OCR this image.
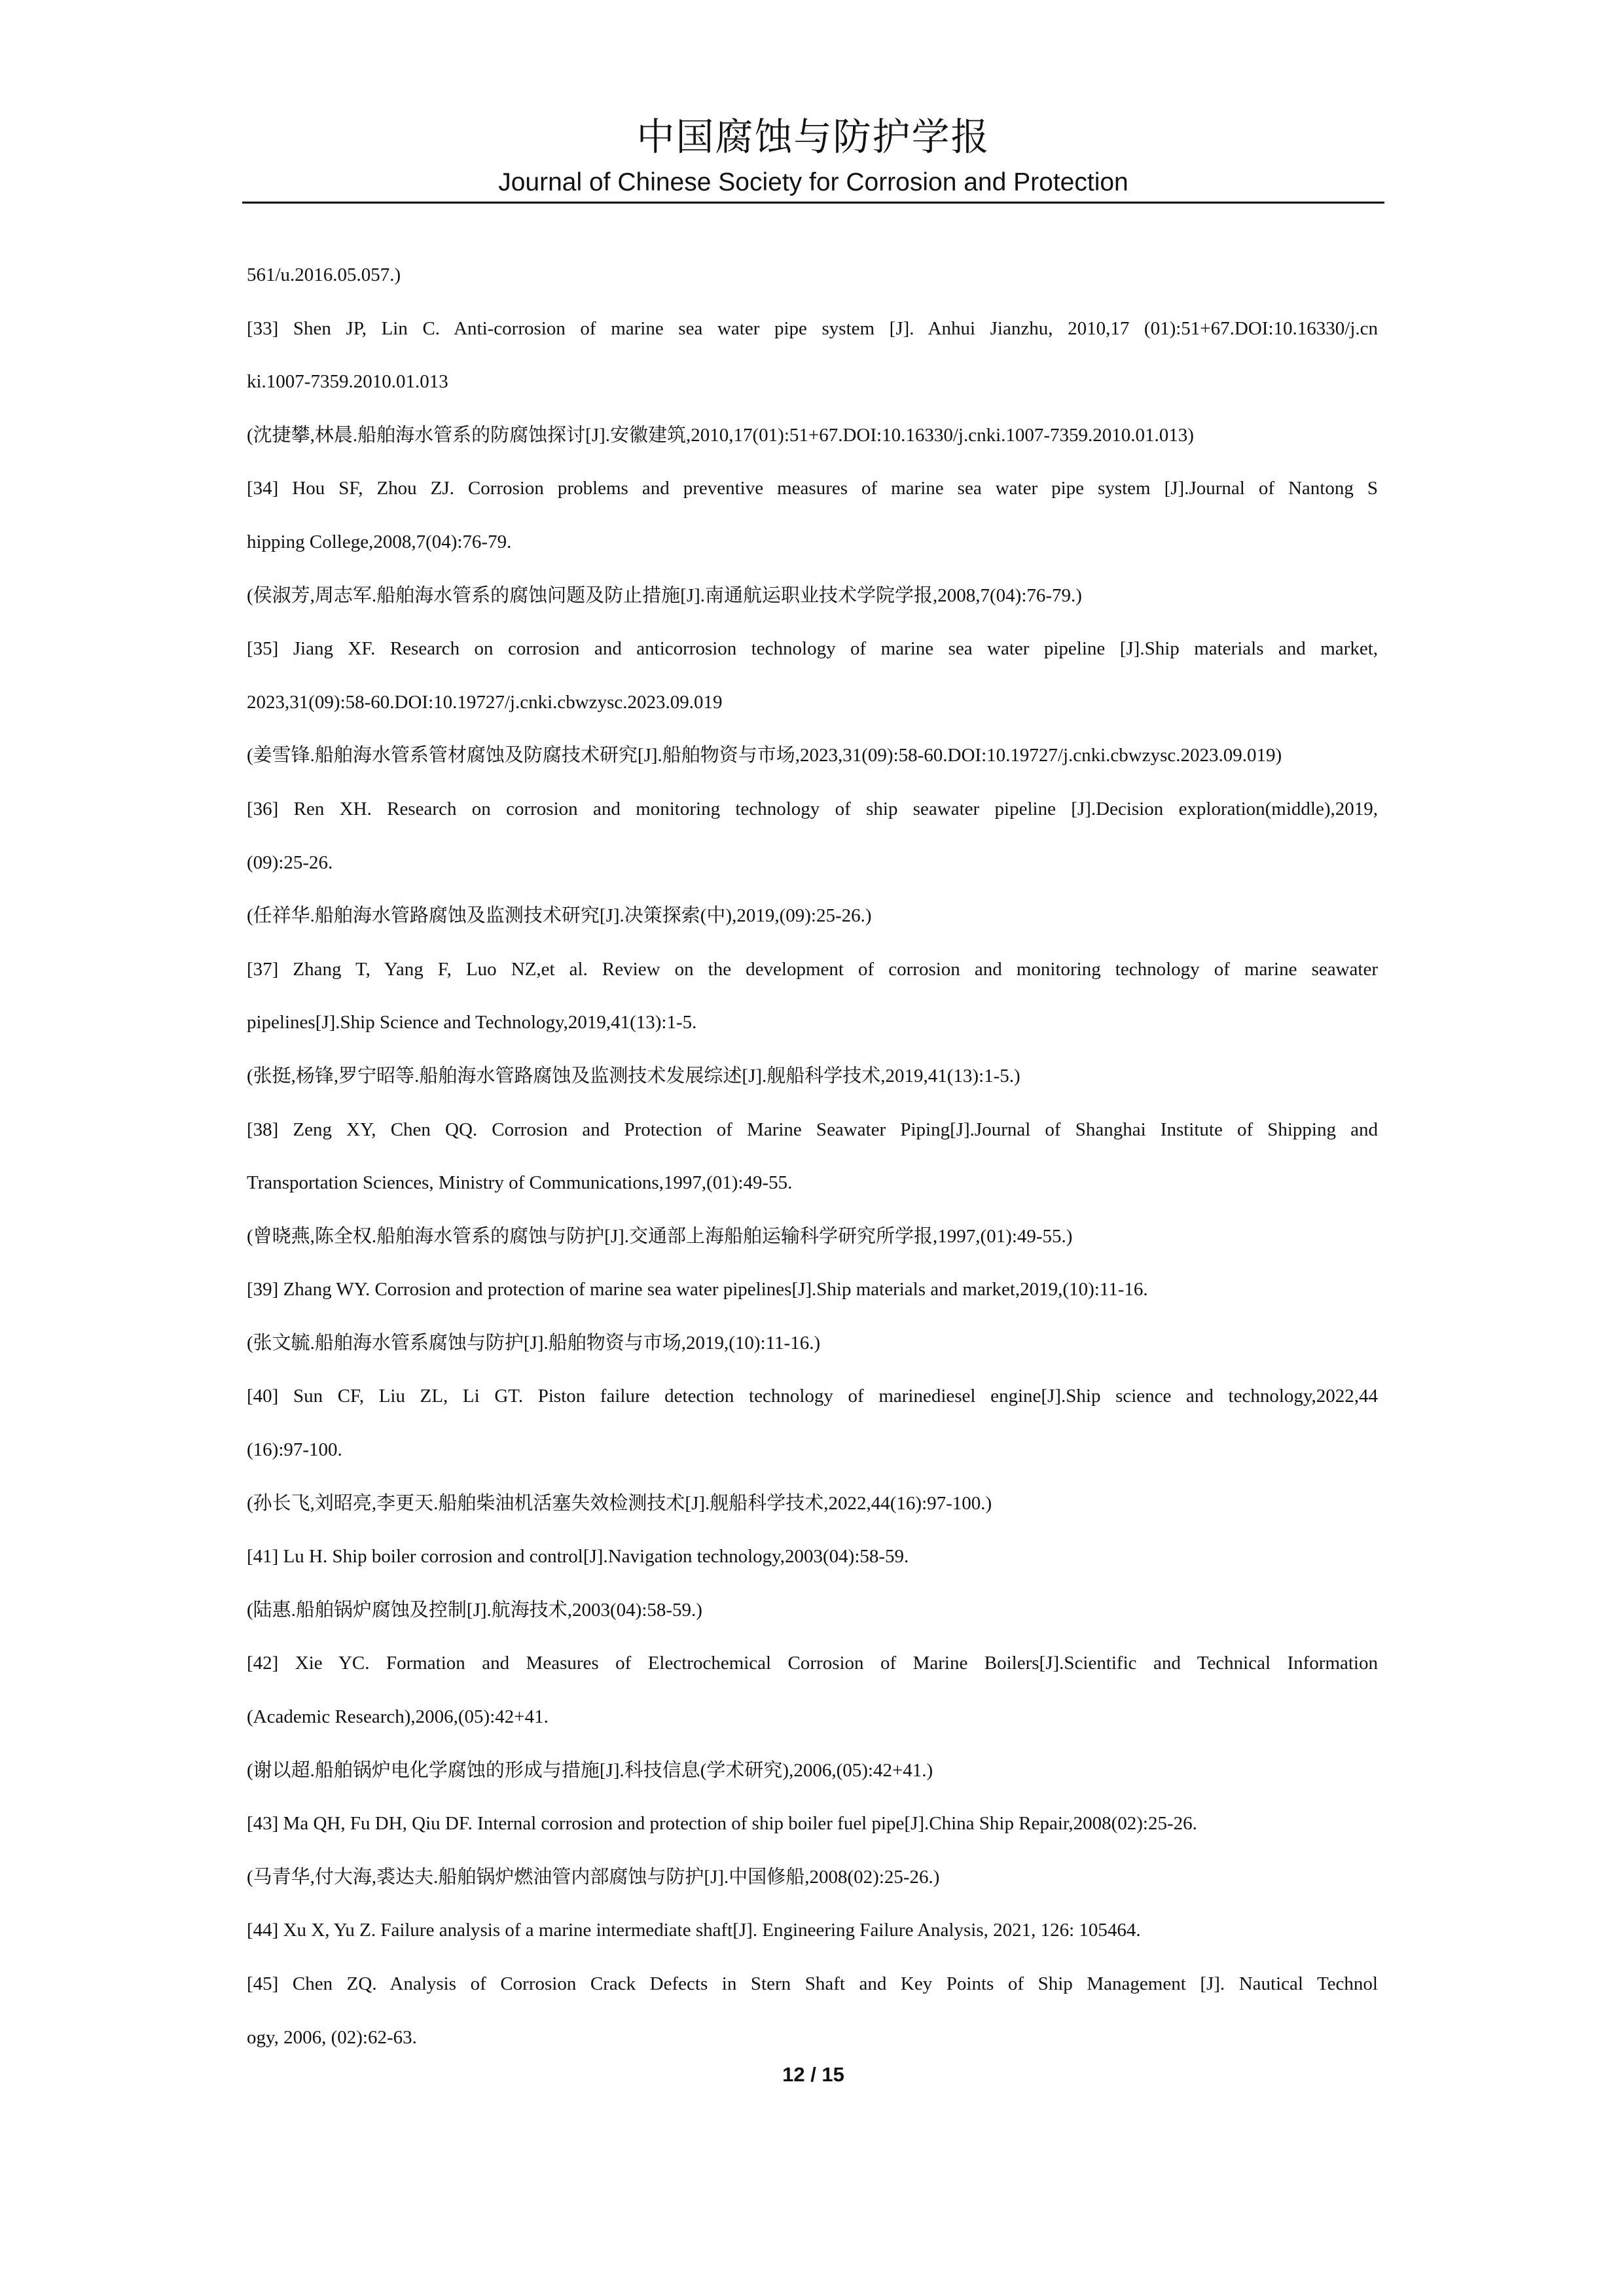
中国腐蚀与防护学报
Journal of Chinese Society for Corrosion and Protection
561/u.2016.05.057.)
[33] Shen JP, Lin C. Anti-corrosion of marine sea water pipe system [J]. Anhui Jianzhu, 2010,17 (01):51+67.DOI:10.16330/j.cn
ki.1007-7359.2010.01.013
(沈捷攀,林晨.船舶海水管系的防腐蚀探讨[J].安徽建筑,2010,17(01):51+67.DOI:10.16330/j.cnki.1007-7359.2010.01.013)
[34] Hou SF, Zhou ZJ. Corrosion problems and preventive measures of marine sea water pipe system [J].Journal of Nantong S
hipping College,2008,7(04):76-79.
(侯淑芳,周志军.船舶海水管系的腐蚀问题及防止措施[J].南通航运职业技术学院学报,2008,7(04):76-79.)
[35] Jiang XF. Research on corrosion and anticorrosion technology of marine sea water pipeline [J].Ship materials and market,
2023,31(09):58-60.DOI:10.19727/j.cnki.cbwzysc.2023.09.019
(姜雪锋.船舶海水管系管材腐蚀及防腐技术研究[J].船舶物资与市场,2023,31(09):58-60.DOI:10.19727/j.cnki.cbwzysc.2023.09.019)
[36] Ren XH. Research on corrosion and monitoring technology of ship seawater pipeline [J].Decision exploration(middle),2019,
(09):25-26.
(任祥华.船舶海水管路腐蚀及监测技术研究[J].决策探索(中),2019,(09):25-26.)
[37] Zhang T, Yang F, Luo NZ,et al. Review on the development of corrosion and monitoring technology of marine seawater
pipelines[J].Ship Science and Technology,2019,41(13):1-5.
(张挺,杨锋,罗宁昭等.船舶海水管路腐蚀及监测技术发展综述[J].舰船科学技术,2019,41(13):1-5.)
[38] Zeng XY, Chen QQ. Corrosion and Protection of Marine Seawater Piping[J].Journal of Shanghai Institute of Shipping and
Transportation Sciences, Ministry of Communications,1997,(01):49-55.
(曾晓燕,陈全权.船舶海水管系的腐蚀与防护[J].交通部上海船舶运输科学研究所学报,1997,(01):49-55.)
[39] Zhang WY. Corrosion and protection of marine sea water pipelines[J].Ship materials and market,2019,(10):11-16.
(张文毓.船舶海水管系腐蚀与防护[J].船舶物资与市场,2019,(10):11-16.)
[40] Sun CF, Liu ZL, Li GT. Piston failure detection technology of marinediesel engine[J].Ship science and technology,2022,44
(16):97-100.
(孙长飞,刘昭亮,李更天.船舶柴油机活塞失效检测技术[J].舰船科学技术,2022,44(16):97-100.)
[41] Lu H. Ship boiler corrosion and control[J].Navigation technology,2003(04):58-59.
(陆惠.船舶锅炉腐蚀及控制[J].航海技术,2003(04):58-59.)
[42] Xie YC. Formation and Measures of Electrochemical Corrosion of Marine Boilers[J].Scientific and Technical Information
(Academic Research),2006,(05):42+41.
(谢以超.船舶锅炉电化学腐蚀的形成与措施[J].科技信息(学术研究),2006,(05):42+41.)
[43] Ma QH, Fu DH, Qiu DF. Internal corrosion and protection of ship boiler fuel pipe[J].China Ship Repair,2008(02):25-26.
(马青华,付大海,裘达夫.船舶锅炉燃油管内部腐蚀与防护[J].中国修船,2008(02):25-26.)
[44] Xu X, Yu Z. Failure analysis of a marine intermediate shaft[J]. Engineering Failure Analysis, 2021, 126: 105464.
[45] Chen ZQ. Analysis of Corrosion Crack Defects in Stern Shaft and Key Points of Ship Management [J]. Nautical Technol
ogy, 2006, (02):62-63.
12 / 15
